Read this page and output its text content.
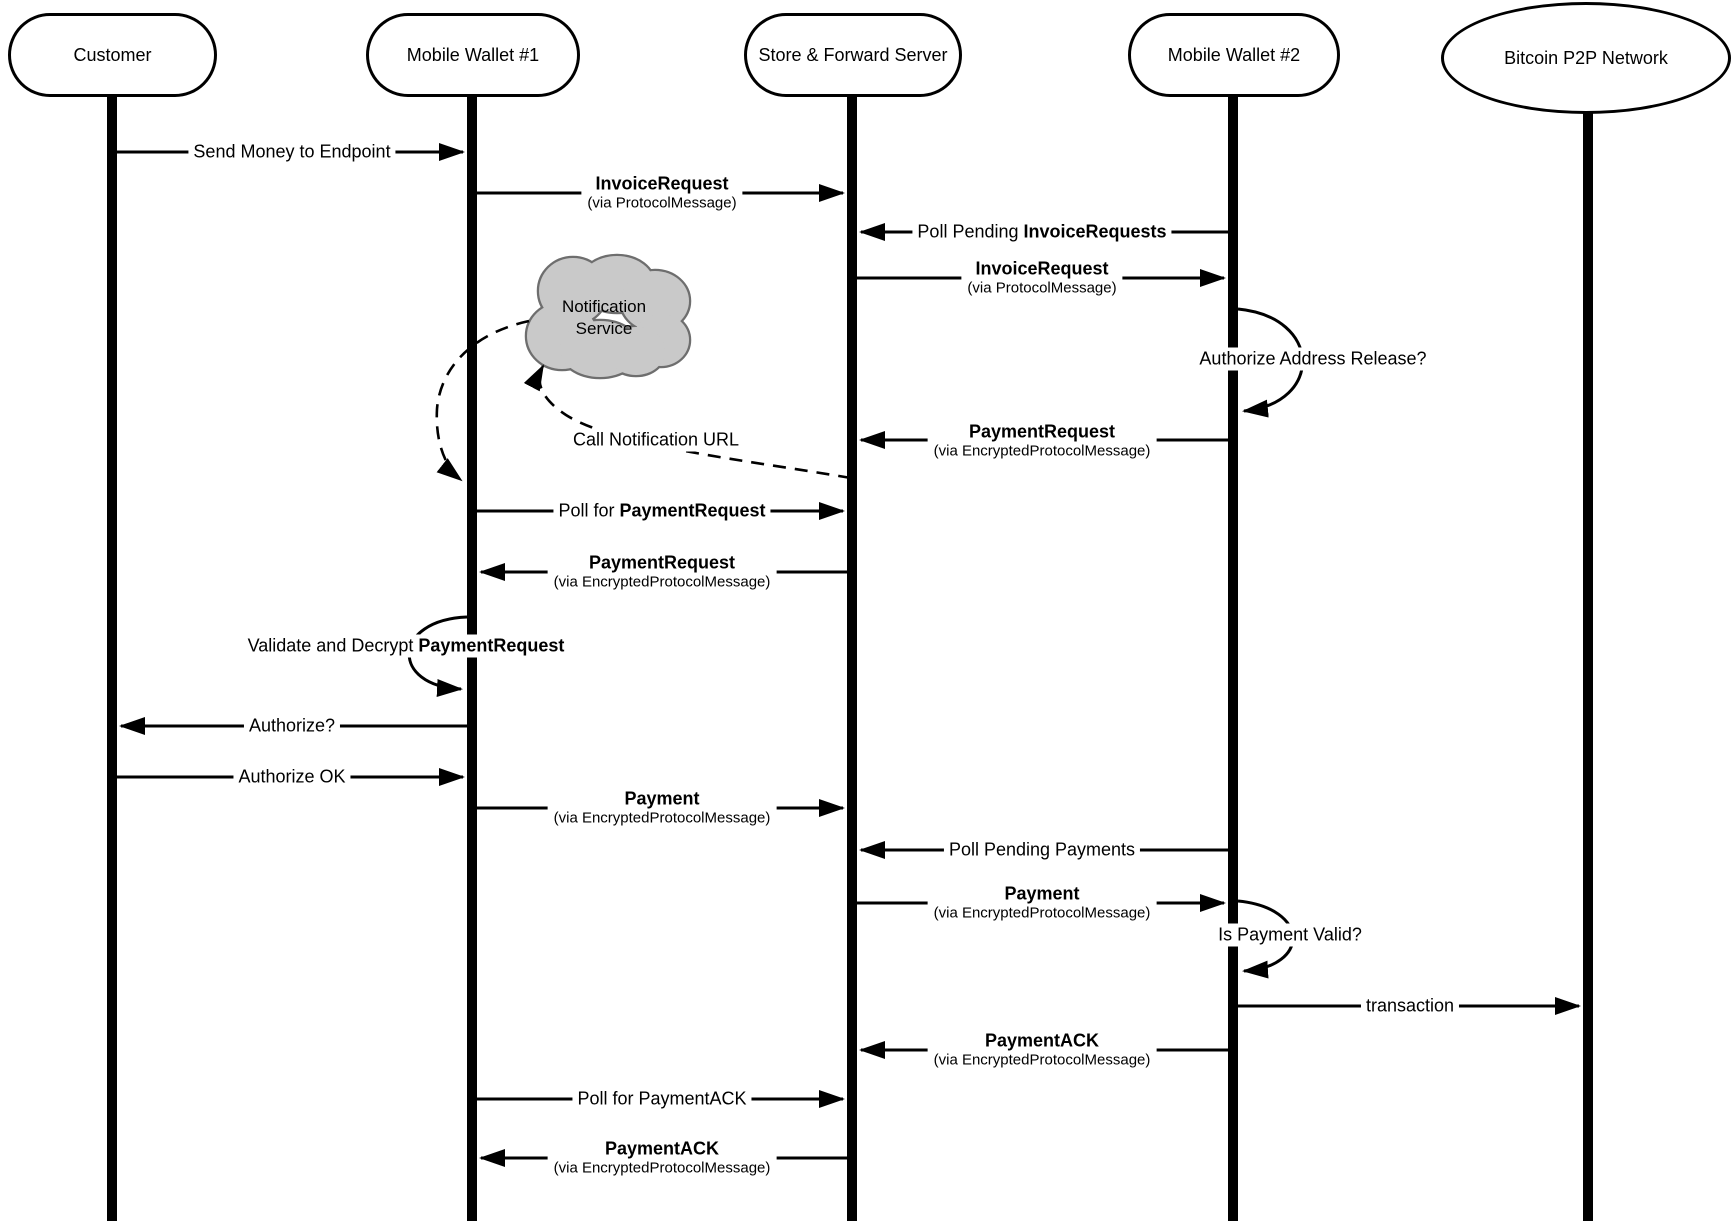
Customer	Mobile Wallet #1	Store & Forward Server	Mobile Wallet #2	Bitcoin P2P Network
Notification
Service
Send Money to Endpoint
Poll Pending InvoiceRequests
Authorize Address Release?
Call Notification URL
Poll for PaymentRequest
Validate and Decrypt PaymentRequest
Authorize?
Authorize OK
Poll Pending Payments
Is Payment Valid?
transaction
Poll for PaymentACK
InvoiceRequest
(via ProtocolMessage)
InvoiceRequest
(via ProtocolMessage)
PaymentRequest
(via EncryptedProtocolMessage)
PaymentRequest
(via EncryptedProtocolMessage)
Payment
(via EncryptedProtocolMessage)
Payment
(via EncryptedProtocolMessage)
PaymentACK
(via EncryptedProtocolMessage)
PaymentACK
(via EncryptedProtocolMessage)
